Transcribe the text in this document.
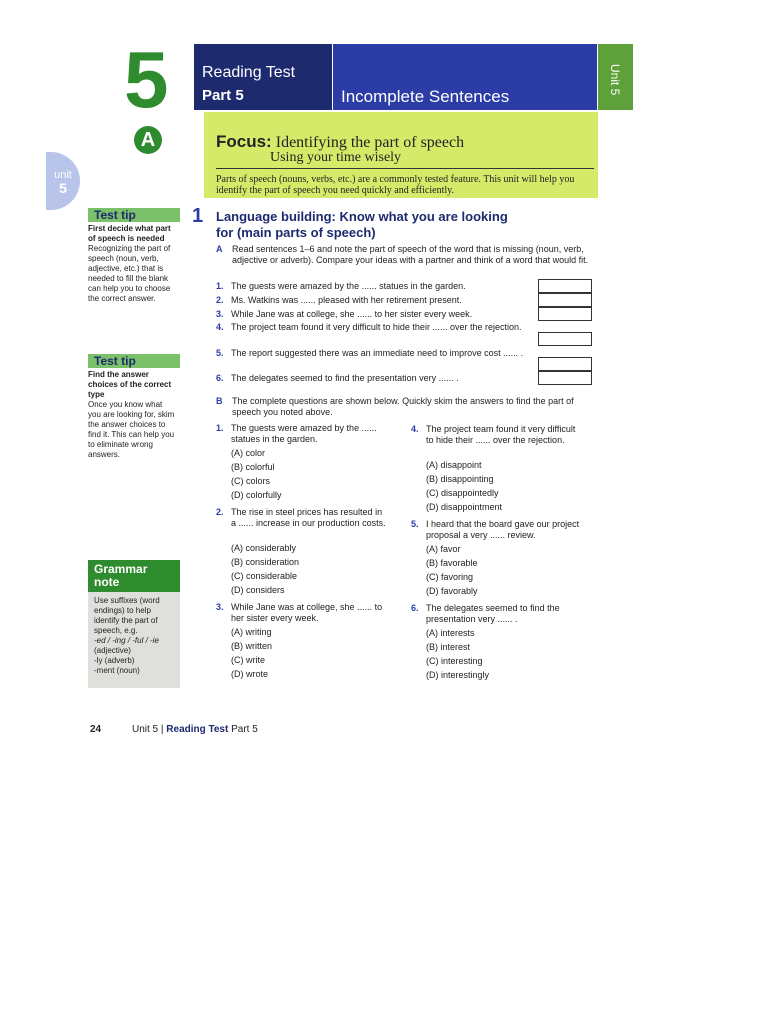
5
A
unit
5
Reading Test
Part 5	Incomplete Sentences
Unit 5
Focus: Identifying the part of speech
Using your time wisely
Parts of speech (nouns, verbs, etc.) are a commonly tested feature. This unit will help you identify the part of speech you need quickly and efficiently.
Test tip
First decide what part of speech is needed
Recognizing the part of speech (noun, verb, adjective, etc.) that is needed to fill the blank can help you to choose the correct answer.
Test tip
Find the answer choices of the correct type
Once you know what you are looking for, skim the answer choices to find it. This can help you to eliminate wrong answers.
Grammar note
Use suffixes (word endings) to help identify the part of speech, e.g.
-ed / -ing / -ful / -ie
(adjective)
-ly (adverb)
-ment (noun)
1 Language building: Know what you are looking for (main parts of speech)
A Read sentences 1–6 and note the part of speech of the word that is missing (noun, verb, adjective or adverb). Compare your ideas with a partner and think of a word that would fit.
1. The guests were amazed by the ...... statues in the garden.
2. Ms. Watkins was ...... pleased with her retirement present.
3. While Jane was at college, she ...... to her sister every week.
4. The project team found it very difficult to hide their ...... over the rejection.
5. The report suggested there was an immediate need to improve cost ...... .
6. The delegates seemed to find the presentation very ...... .
B The complete questions are shown below. Quickly skim the answers to find the part of speech you noted above.
1. The guests were amazed by the ...... statues in the garden.
(A) color
(B) colorful
(C) colors
(D) colorfully
2. The rise in steel prices has resulted in a ...... increase in our production costs.
(A) considerably
(B) consideration
(C) considerable
(D) considers
3. While Jane was at college, she ...... to her sister every week.
(A) writing
(B) written
(C) write
(D) wrote
4. The project team found it very difficult to hide their ...... over the rejection.
(A) disappoint
(B) disappointing
(C) disappointedly
(D) disappointment
5. I heard that the board gave our project proposal a very ...... review.
(A) favor
(B) favorable
(C) favoring
(D) favorably
6. The delegates seemed to find the presentation very ...... .
(A) interests
(B) interest
(C) interesting
(D) interestingly
24	Unit 5 | Reading Test Part 5
